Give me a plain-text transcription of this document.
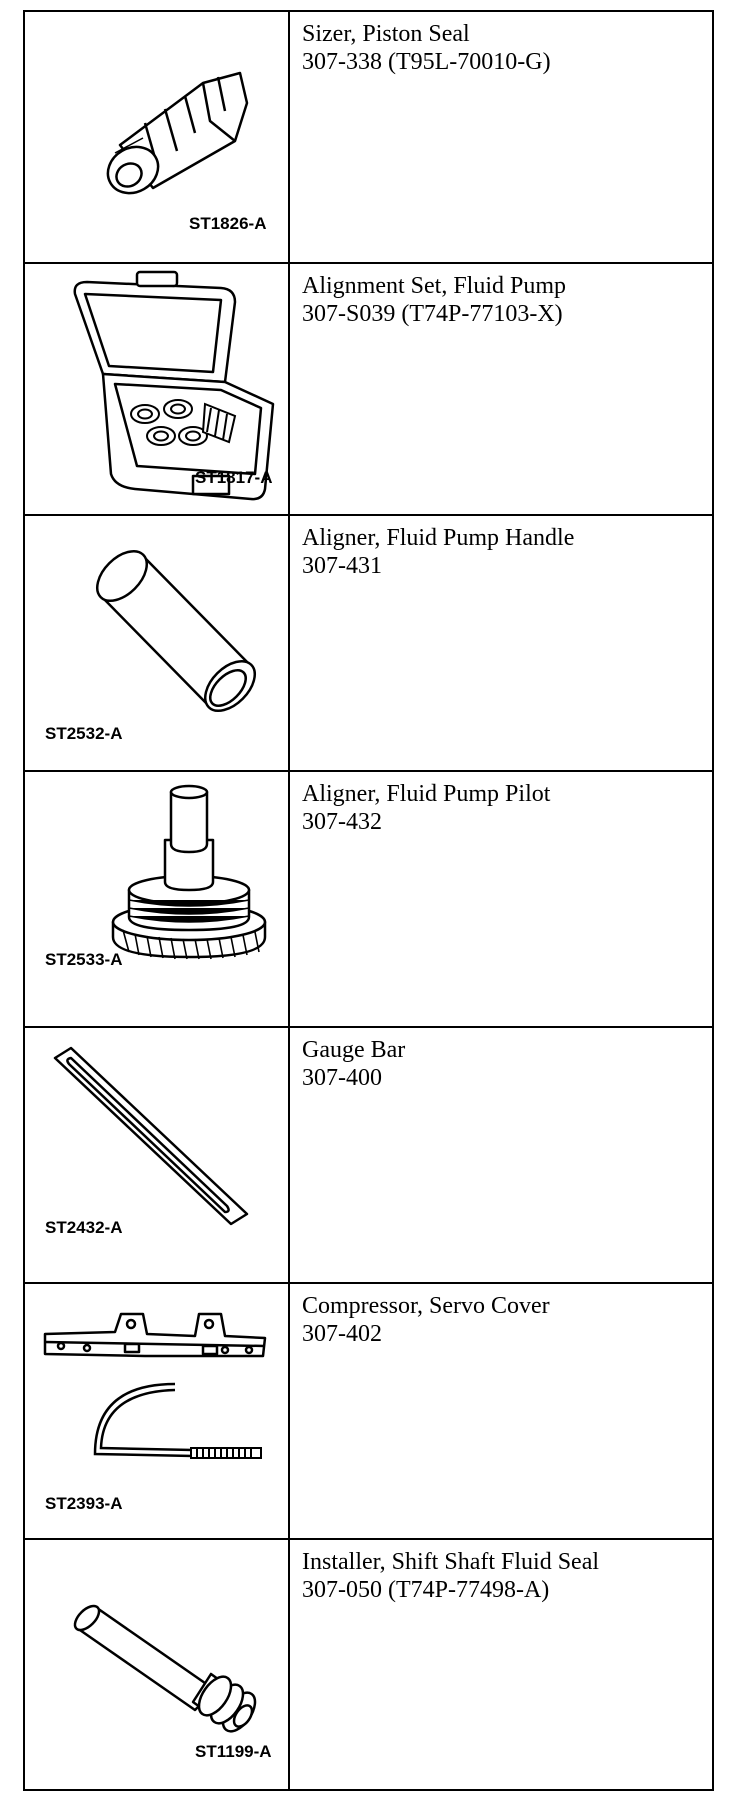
ST1826-A
Sizer, Piston Seal
307-338 (T95L-70010-G)
ST1817-A
Alignment Set, Fluid Pump
307-S039 (T74P-77103-X)
ST2532-A
Aligner, Fluid Pump Handle
307-431
ST2533-A
Aligner, Fluid Pump Pilot
307-432
ST2432-A
Gauge Bar
307-400
ST2393-A
Compressor, Servo Cover
307-402
ST1199-A
Installer, Shift Shaft Fluid Seal
307-050 (T74P-77498-A)
